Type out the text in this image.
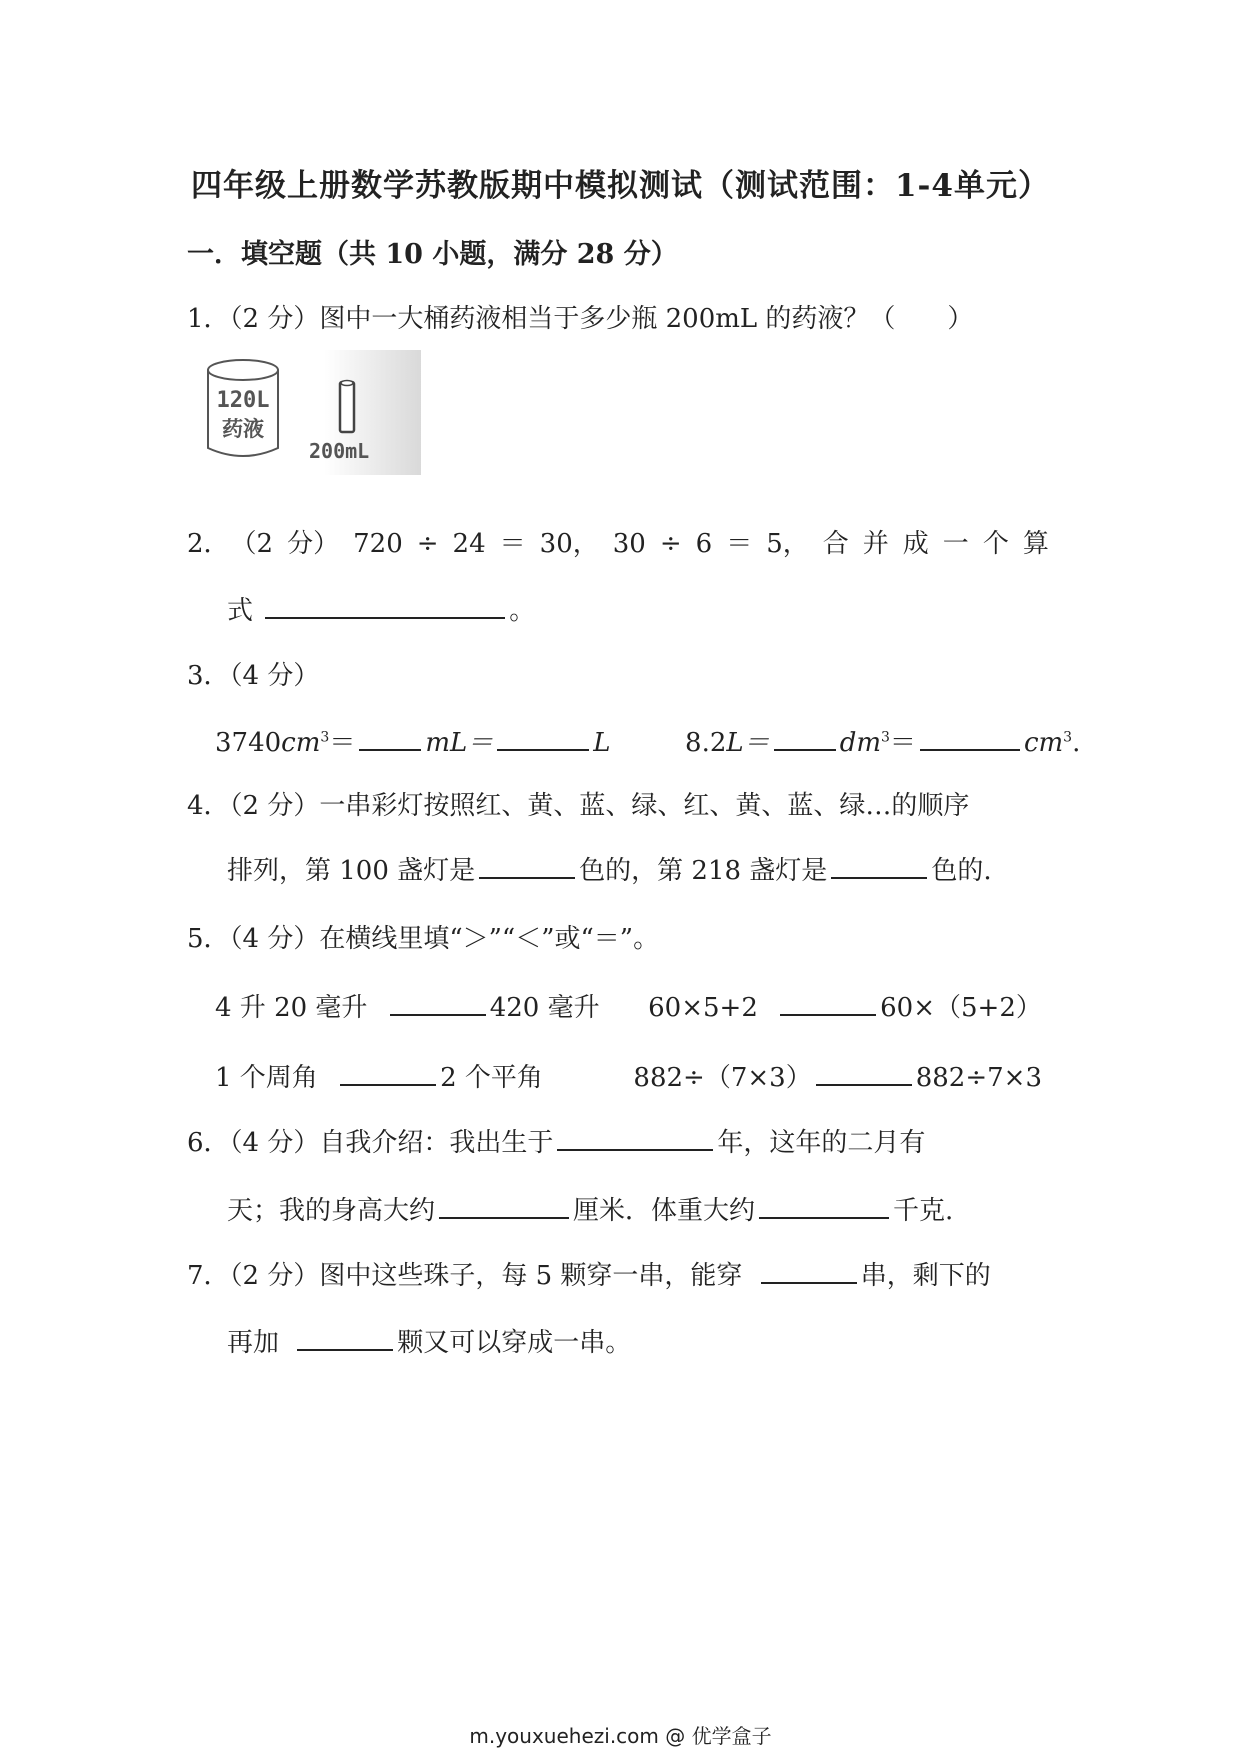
四年级上册数学苏教版期中模拟测试（测试范围：1-4单元）
一．填空题（共 10 小题，满分 28 分）
1．（2 分）图中一大桶药液相当于多少瓶 200mL 的药液？（　　）
120L
药液
200mL
2． （2 分） 720 ÷ 24 ＝ 30， 30 ÷ 6 ＝ 5， 合 并 成 一 个 算
式	。
3．（4 分）
$3740cm^3=$	mL＝	L	8.2L＝	$dm^3=$	$cm^3$.
4．（2 分）一串彩灯按照红、黄、蓝、绿、红、黄、蓝、绿…的顺序
排列，第 100 盏灯是	色的，第 218 盏灯是	色的.
5．（4 分）在横线里填“＞”“＜”或“＝”。
4 升 20 毫升	420 毫升 60×5+2	60×（5+2）
1 个周角	2 个平角	882÷（7×3）	882÷7×3
6．（4 分）自我介绍：我出生于	年，这年的二月有
天；我的身高大约	厘米．体重大约	千克.
7．（2 分）图中这些珠子，每 5 颗穿一串，能穿	串，剩下的
再加	颗又可以穿成一串。
m.youxuehezi.com @ 优学盒子
